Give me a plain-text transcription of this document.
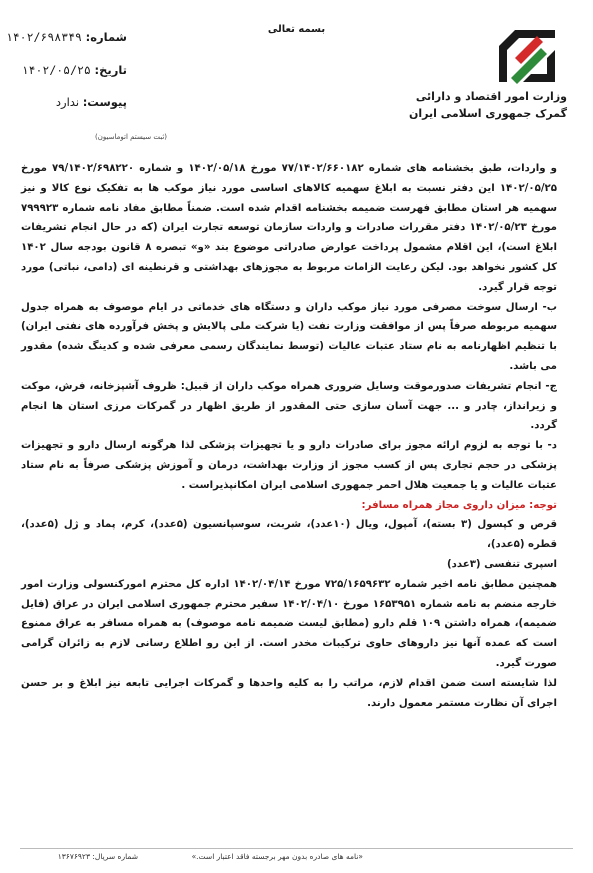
بسمه تعالی
شماره: ۱۴۰۲/۶۹۸۳۴۹
تاریخ: ۱۴۰۲/۰۵/۲۵
پیوست: ندارد	وزارت امور اقتصاد و دارائی
گمرک جمهوری اسلامی ایران
(ثبت سیستم اتوماسیون)

و واردات، طبق بخشنامه های شماره ۷۷/۱۴۰۲/۶۶۰۱۸۲ مورخ ۱۴۰۲/۰۵/۱۸ و شماره ۷۹/۱۴۰۲/۶۹۸۲۲۰ مورخ ۱۴۰۲/۰۵/۲۵ این دفتر نسبت به ابلاغ سهمیه کالاهای اساسی مورد نیاز موکب ها به تفکیک نوع کالا و نیز سهمیه هر استان مطابق فهرست ضمیمه بخشنامه اقدام شده است. ضمناً مطابق مفاد نامه شماره ۷۹۹۹۲۳ مورخ ۱۴۰۲/۰۵/۲۳ دفتر مقررات صادرات و واردات سازمان توسعه تجارت ایران (که در حال انجام تشریفات ابلاغ است)، این اقلام مشمول پرداخت عوارض صادراتی موضوع بند «و» تبصره ۸ قانون بودجه سال ۱۴۰۲ کل کشور نخواهد بود. لیکن رعایت الزامات مربوط به مجوزهای بهداشتی و قرنطینه ای (دامی، نباتی) مورد توجه قرار گیرد.

ب- ارسال سوخت مصرفی مورد نیاز موکب داران و دستگاه های خدماتی در ایام موصوف به همراه جدول سهمیه مربوطه صرفاً پس از موافقت وزارت نفت (یا شرکت ملی پالایش و پخش فرآورده های نفتی ایران) با تنظیم اظهارنامه به نام ستاد عتبات عالیات (توسط نمایندگان رسمی معرفی شده و کدینگ شده) مقدور می باشد.

ج- انجام تشریفات صدورموقت وسایل ضروری همراه موکب داران از قبیل: ظروف آشپزخانه، فرش، موکت و زیرانداز، چادر و ... جهت آسان سازی حتی المقدور از طریق اظهار در گمرکات مرزی استان ها انجام گردد.

د- با توجه به لزوم ارائه مجوز برای صادرات دارو و یا تجهیزات پزشکی لذا هرگونه ارسال دارو و تجهیزات پزشکی در حجم تجاری پس از کسب مجوز از وزارت بهداشت، درمان و آموزش پزشکی صرفاً به نام ستاد عتبات عالیات و یا جمعیت هلال احمر جمهوری اسلامی ایران امکانپذیراست .

توجه: میزان داروی مجاز همراه مسافر:

قرص و کپسول (۳ بسته)، آمپول، ویال (۱۰عدد)، شربت، سوسپانسیون (۵عدد)، کرم، پماد و ژل (۵عدد)، قطره (۵عدد)،

اسپری تنفسی (۳عدد)

همچنین مطابق نامه اخیر شماره ۷۲۵/۱۶۵۹۶۳۲ مورخ ۱۴۰۲/۰۴/۱۴ اداره کل محترم امورکنسولی وزارت امور خارجه منضم به نامه شماره ۱۶۵۳۹۵۱ مورخ ۱۴۰۲/۰۴/۱۰ سفیر محترم جمهوری اسلامی ایران در عراق (فایل ضمیمه)، همراه داشتن ۱۰۹ قلم دارو (مطابق لیست ضمیمه نامه موصوف) به همراه مسافر به عراق ممنوع است که عمده آنها نیز داروهای حاوی ترکیبات مخدر است. از این رو اطلاع رسانی لازم به زائران گرامی صورت گیرد.

لذا شایسته است ضمن اقدام لازم، مراتب را به کلیه واحدها و گمرکات اجرایی تابعه نیز ابلاغ و بر حسن اجرای آن نظارت مستمر معمول دارند.

شماره سریال: ۱۳۶۷۶۹۲۳	«نامه های صادره بدون مهر برجسته فاقد اعتبار است.»
